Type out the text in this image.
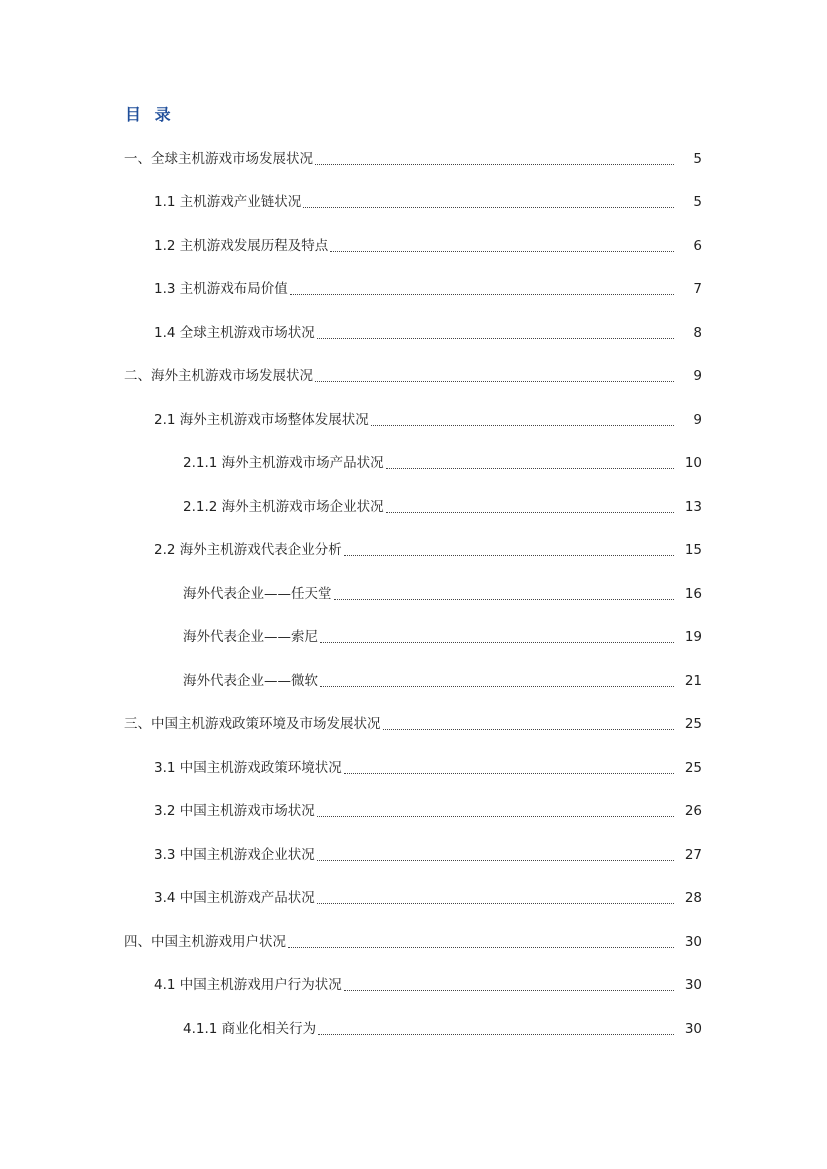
目 录
一、全球主机游戏市场发展状况	5
1.1 主机游戏产业链状况	5
1.2 主机游戏发展历程及特点	6
1.3 主机游戏布局价值	7
1.4 全球主机游戏市场状况	8
二、海外主机游戏市场发展状况	9
2.1 海外主机游戏市场整体发展状况	9
2.1.1 海外主机游戏市场产品状况	10
2.1.2 海外主机游戏市场企业状况	13
2.2 海外主机游戏代表企业分析	15
海外代表企业——任天堂	16
海外代表企业——索尼	19
海外代表企业——微软	21
三、中国主机游戏政策环境及市场发展状况	25
3.1 中国主机游戏政策环境状况	25
3.2 中国主机游戏市场状况	26
3.3 中国主机游戏企业状况	27
3.4 中国主机游戏产品状况	28
四、中国主机游戏用户状况	30
4.1 中国主机游戏用户行为状况	30
4.1.1 商业化相关行为	30
